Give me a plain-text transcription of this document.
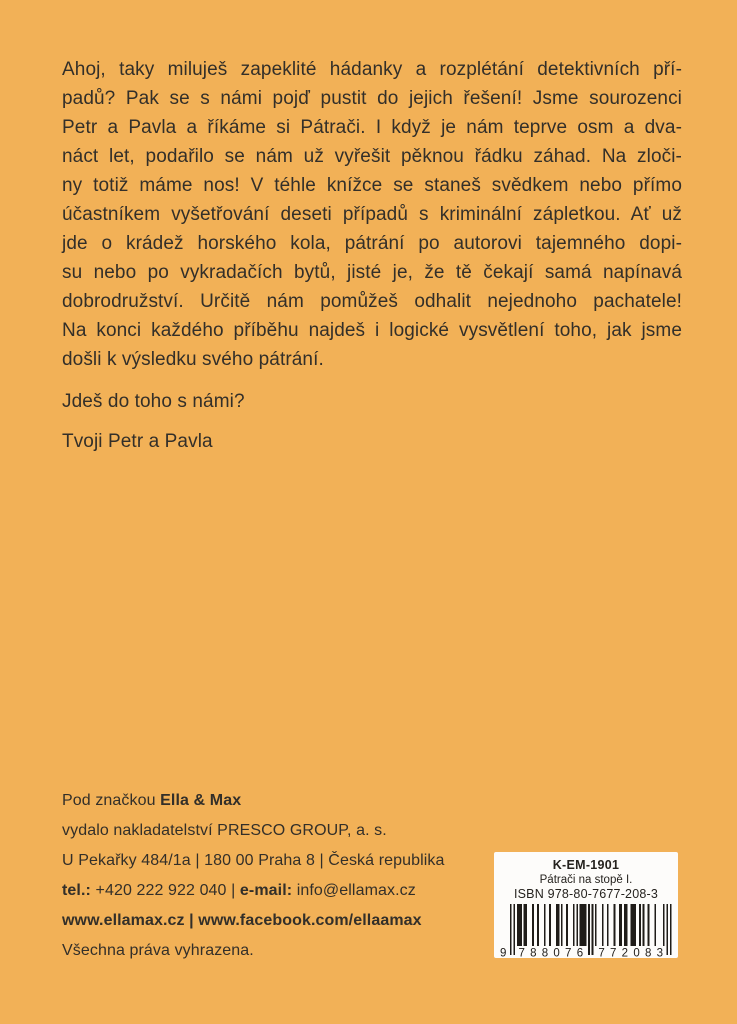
Ahoj, taky miluješ zapeklité hádanky a rozplétání detektivních pří-
padů? Pak se s námi pojď pustit do jejich řešení! Jsme sourozenci
Petr a Pavla a říkáme si Pátrači. I když je nám teprve osm a dva-
náct let, podařilo se nám už vyřešit pěknou řádku záhad. Na zloči-
ny totiž máme nos! V téhle knížce se staneš svědkem nebo přímo
účastníkem vyšetřování deseti případů s kriminální zápletkou. Ať už
jde o krádež horského kola, pátrání po autorovi tajemného dopi-
su nebo po vykradačích bytů, jisté je, že tě čekají samá napínavá
dobrodružství. Určitě nám pomůžeš odhalit nejednoho pachatele!
Na konci každého příběhu najdeš i logické vysvětlení toho, jak jsme
došli k výsledku svého pátrání.
Jdeš do toho s námi?
Tvoji Petr a Pavla
Pod značkou Ella & Max
vydalo nakladatelství PRESCO GROUP, a. s.
U Pekařky 484/1a | 180 00 Praha 8 | Česká republika
tel.: +420 222 922 040 | e-mail: info@ellamax.cz
www.ellamax.cz | www.facebook.com/ellaamax
Všechna práva vyhrazena.
K-EM-1901
Pátrači na stopě I.
ISBN 978-80-7677-208-3
9 788076 772083
